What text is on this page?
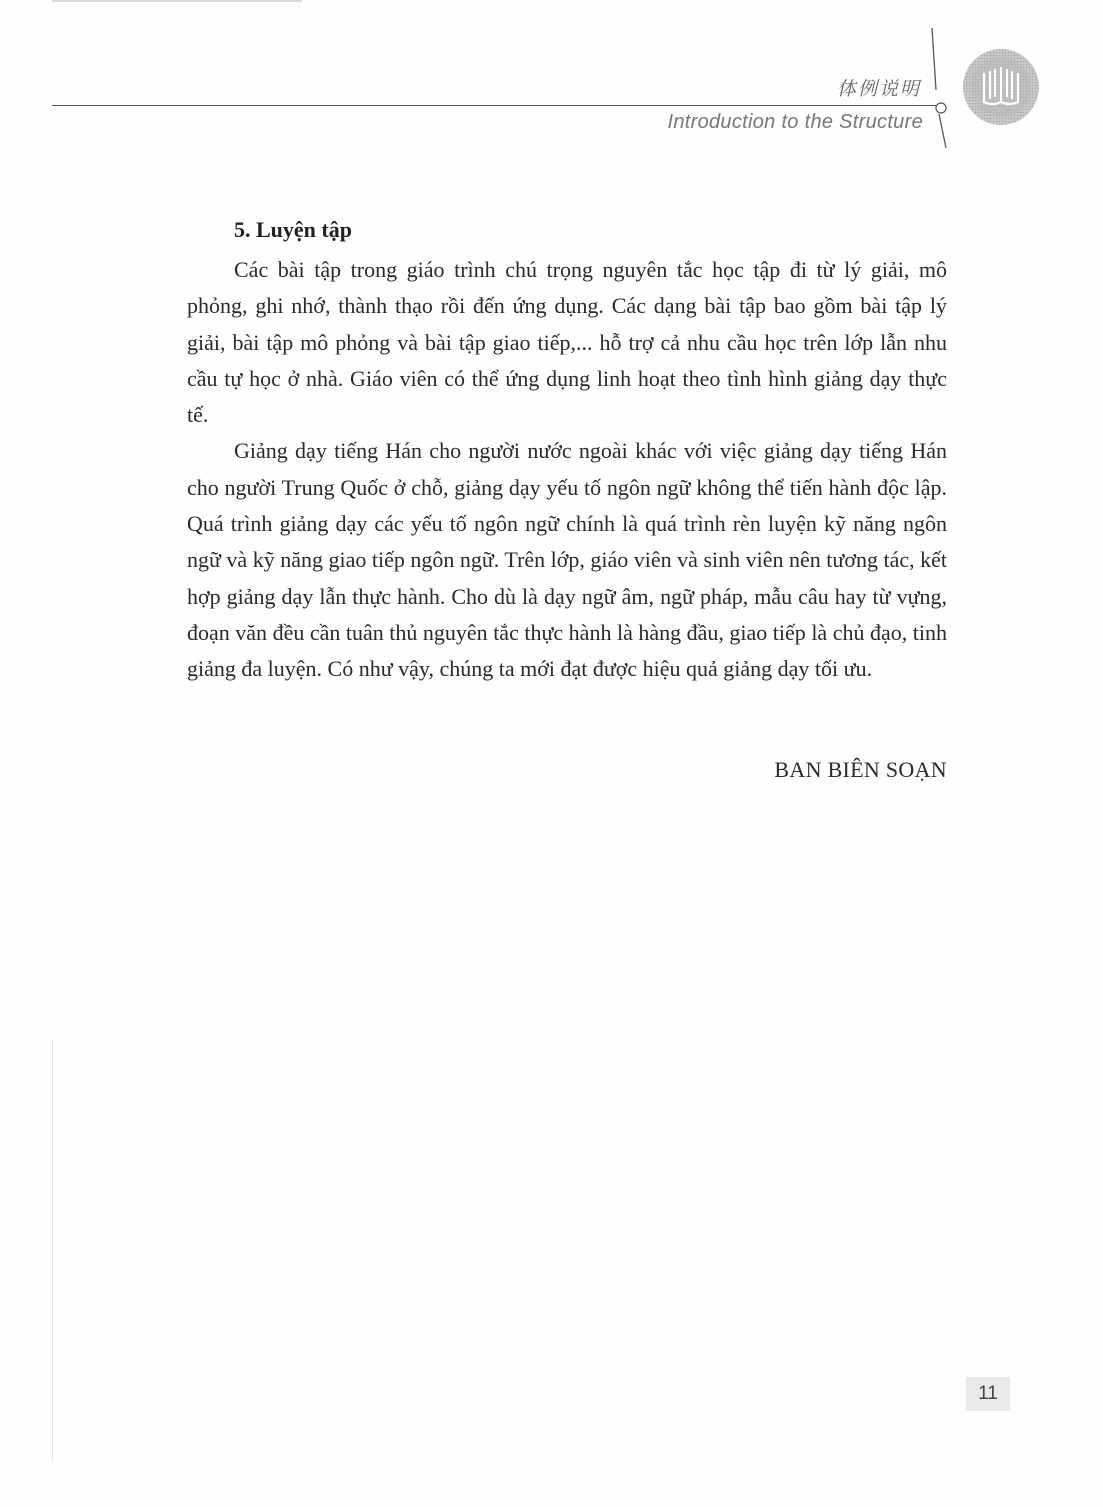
体例说明
Introduction to the Structure
5. Luyện tập

Các bài tập trong giáo trình chú trọng nguyên tắc học tập đi từ lý giải, mô phỏng, ghi nhớ, thành thạo rồi đến ứng dụng. Các dạng bài tập bao gồm bài tập lý giải, bài tập mô phỏng và bài tập giao tiếp,... hỗ trợ cả nhu cầu học trên lớp lẫn nhu cầu tự học ở nhà. Giáo viên có thể ứng dụng linh hoạt theo tình hình giảng dạy thực tế.

Giảng dạy tiếng Hán cho người nước ngoài khác với việc giảng dạy tiếng Hán cho người Trung Quốc ở chỗ, giảng dạy yếu tố ngôn ngữ không thể tiến hành độc lập. Quá trình giảng dạy các yếu tố ngôn ngữ chính là quá trình rèn luyện kỹ năng ngôn ngữ và kỹ năng giao tiếp ngôn ngữ. Trên lớp, giáo viên và sinh viên nên tương tác, kết hợp giảng dạy lẫn thực hành. Cho dù là dạy ngữ âm, ngữ pháp, mẫu câu hay từ vựng, đoạn văn đều cần tuân thủ nguyên tắc thực hành là hàng đầu, giao tiếp là chủ đạo, tinh giảng đa luyện. Có như vậy, chúng ta mới đạt được hiệu quả giảng dạy tối ưu.

BAN BIÊN SOẠN
11
